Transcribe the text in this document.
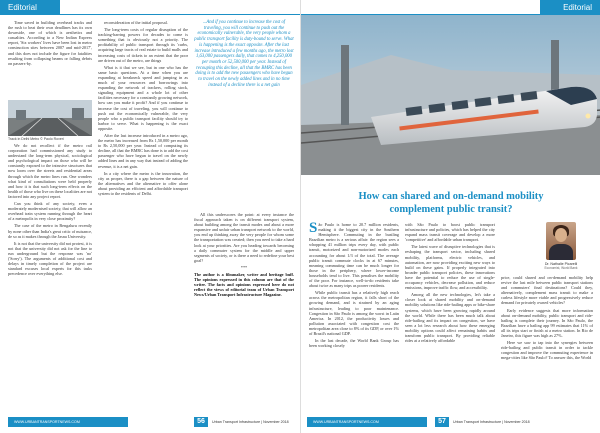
Editorial

Time saved in building overhead tracks and the rush to beat their own deadlines has its own downside, one of which is aesthetics and casualties. According to a New Indian Express report, 'Six workers' lives have been lost in metro construction sites between 2007 and mid-2017', and this does not include the figure for fatalities resulting from collapsing beams or falling debris on passers-by.

Track in Delhi Metro © Paolo Roveri

We do not recollect if the metro rail corporation had commissioned any study to understand the long-term physical, sociological and psychological impact on those who will be constantly exposed to the intrusive structures that now loom over the streets and residential areas through which the metro lines run. One wonders what kind of consultations were held properly and how it is that such long-term effects on the health of those who live on these localities are not factored into any project report.

Can you think of any society, even a moderately modernised society, that will allow an overhead train system running through the heart of a metropolis in very close proximity?

The case of the metro in Bengaluru recently by none other than India's great critic of nuisance, de so as it makes through the Jasna University.

It is not that the university did not protest, it is not that the university did not ask for the line to run underground but the response was 'no' ('Sorry'). The arguments of additional cost and delays in timely completion of the project are standard excuses local experts for this tasks precedence over everything else.

reconsideration of the initial proposal.

The long-term costs of regular disruption of the tracking-barring powers for decades to come is something that is obviously not a priority. The profitability of public transport through its 'curbs, acquiring large tracts of real estate to build malls and increasing costs of tickets to an extent that the poor are driven out of the metro, are things

What is it that we see, but in one who has the same basic questions. At a time when you are expanding at breakneck speed and jumping in as much of your resources and borrowings into expanding the network of trackers, rolling stock, signaling equipment and a whole lot of other facilities necessary for a constantly growing network, how can you make it profit? And if you continue to increase the cost of traveling, you will continue to push out the economically vulnerable, the very people who a public transport facility should try to harbor to serve. What is happening is the exact opposite.

After the last increase introduced in a metro ago, the metro has increased from Rs 1,50,000 per month to Rs 2,50,000 per year. Instead of computing its decline, all that the BMRC has done is to add the cost passenger who have begun to travel on the newly added lines and in any way that instead of adding the revenue, it is a net gain.

In a city where the metro is the innovation, the city as proper, there is a gap between the nature of the alternatives and the alternative to offer alone about providing an efficient and affordable transport system to the residents of Delhi.

...And if you continue to increase the cost of traveling, you will continue to push out the economically vulnerable, the very people whom a public transport facility is duty-bound to serve. What is happening is the exact opposite. After the last increase introduced a few months ago, the metro lost 1,63,000 passengers daily, that comes to 4,250,000 per month or 52,500,000 per year. Instead of recouping this decline, all that the BMRC has been doing is to add the new passengers who have begun to travel on the newly added lines and in no time instead of a decline there is a net gain

All this underscores the point: at every instance the fiscal approach taken is on different transport system, about building among the transit modes and about a more expansive and unfair urban transport network to the world, you end up thinking away the very people for whom some the transportation was created; then you need to take a hard look at your priorities. Are you heading towards becoming a daily commuter system for the middle and upper segments of society, or is there a need to redefine your best goal?

***

The author is a filmmaker, writer and heritage buff. The opinions expressed in this column are that of the writer. The facts and opinions expressed here do not reflect the views of editorial team of Urban Transport News/Urban Transport Infrastructure Magazine.

WWW.URBANTRANSPORTNEWS.COM	56	Urban Transport Infrastructure | November 2018
Editorial
How can shared and on-demand mobility
complement public transit?

S ão Paulo is home to 20.7 million residents, making it the biggest city in the Southern Hemisphere. Commuting in the bustling Brazilian metro is a serious affair: the region sees a whopping 41 million trips every day, with public transit, motorized and non-motorized modes each accounting for about 1/3 of the total. The average public transit commute clocks in at 67 minutes, meaning commuting time can be much longer for those in the periphery, where lower-income households tend to live. This penalises the mobility of the poor. For instance, well-to-do residents take about twice as many trips as poorer residents.

While public transit has a relatively high reach across the metropolitan region, it falls short of the growing demand, and is strained by an aging infrastructure, leading to poor maintenance. Congestion in São Paulo is among the worst in Latin America. In 2012, the productivity losses and pollution associated with congestion cost the metropolitan area close to 8% of its GDP, or over 1% of Brazil's national GDP.

In the last decade, the World Bank Group has been working closely

with São Paulo to boost public transport infrastructure and policies, which has helped the city expand mass transit coverage and develop a more 'competitive' and affordable urban transport.

The latest wave of disruptive technologies that is reshaping the transport sector, including shared mobility, platforms, electric vehicles, and automation, are now providing exciting new ways to build on these gains. If properly integrated into broader public transport policies, these innovations have the potential to reduce the use of single-occupancy vehicles, decrease pollution, and reduce emissions, improve traffic flow, and accessibility.

Among all the new technologies, let's take a closer look at shared mobility and on-demand mobility solutions like ride-hailing apps or bike-share systems, which have been growing rapidly around the world. While there has been much talk about ride-hailing and its impact on congestion, we have seen a lot less research about how these emerging mobility options could affect remaining habits and transform public transport. By providing reliable rides at a relatively affordable

Dr. Nathalie Picarelli
Economist, World Bank

price, could shared and on-demand mobility help revive the last mile between public transport stations and commuters' final destinations? Could they, alternatively, complement mass transit to make a carless lifestyle more viable and progressively reduce demand for privately owned vehicles?

Early evidence suggests that more information about on-demand mobility, public transport and ride-hailing is complete their journey. In São Paulo, the Brazilian have a bailing app 99 estimates that 11% of all its trips start or finish at a metro station. In Rio de Janeiro, this figure was high as 27%.

Here we saw to tap into the synergies between ride-hailing and public transit in order to tackle congestion and improve the commuting experience in mega-cities like São Paulo? To answer this, the World

WWW.URBANTRANSPORTNEWS.COM	57	Urban Transport Infrastructure | November 2018
